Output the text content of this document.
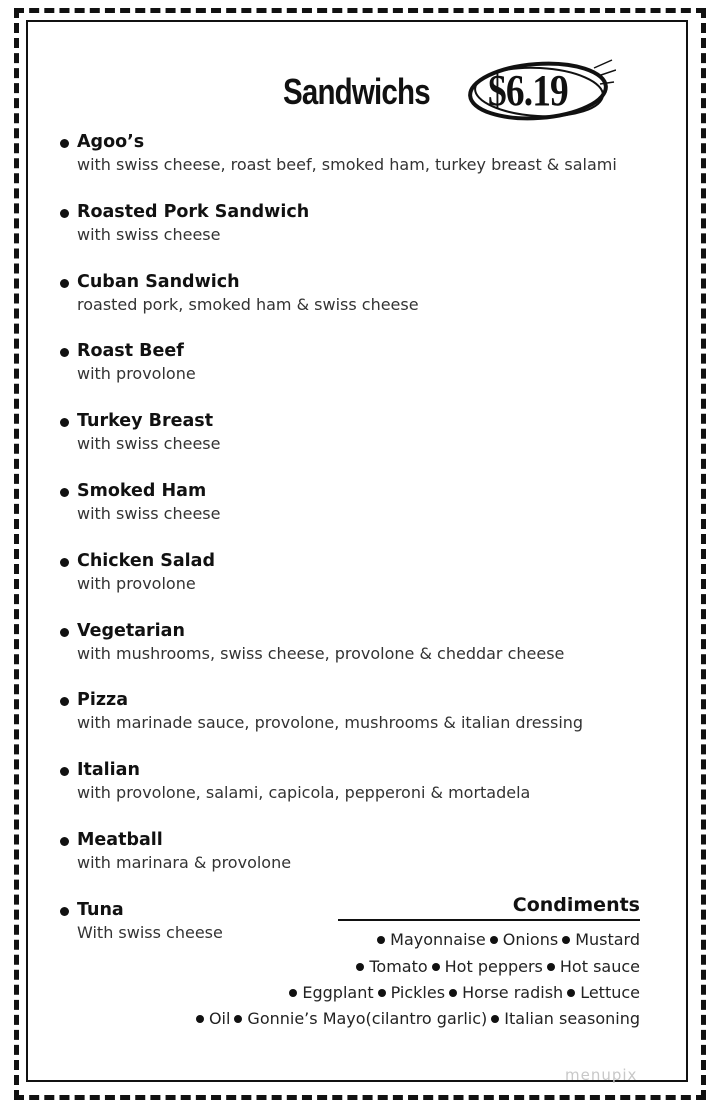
Sandwichs $6.19
Agoo’s
with swiss cheese, roast beef, smoked ham, turkey breast & salami
Roasted Pork Sandwich
with swiss cheese
Cuban Sandwich
roasted pork, smoked ham & swiss cheese
Roast Beef
with provolone
Turkey Breast
with swiss cheese
Smoked Ham
with swiss cheese
Chicken Salad
with provolone
Vegetarian
with mushrooms, swiss cheese, provolone & cheddar cheese
Pizza
with marinade sauce, provolone, mushrooms & italian dressing
Italian
with provolone, salami, capicola, pepperoni & mortadela
Meatball
with marinara & provolone
Tuna
With swiss cheese
Condiments
Mayonnaise Onions Mustard
Tomato Hot peppers Hot sauce
Eggplant Pickles Horse radish Lettuce
Oil Gonnie’s Mayo(cilantro garlic) Italian seasoning
menupix
